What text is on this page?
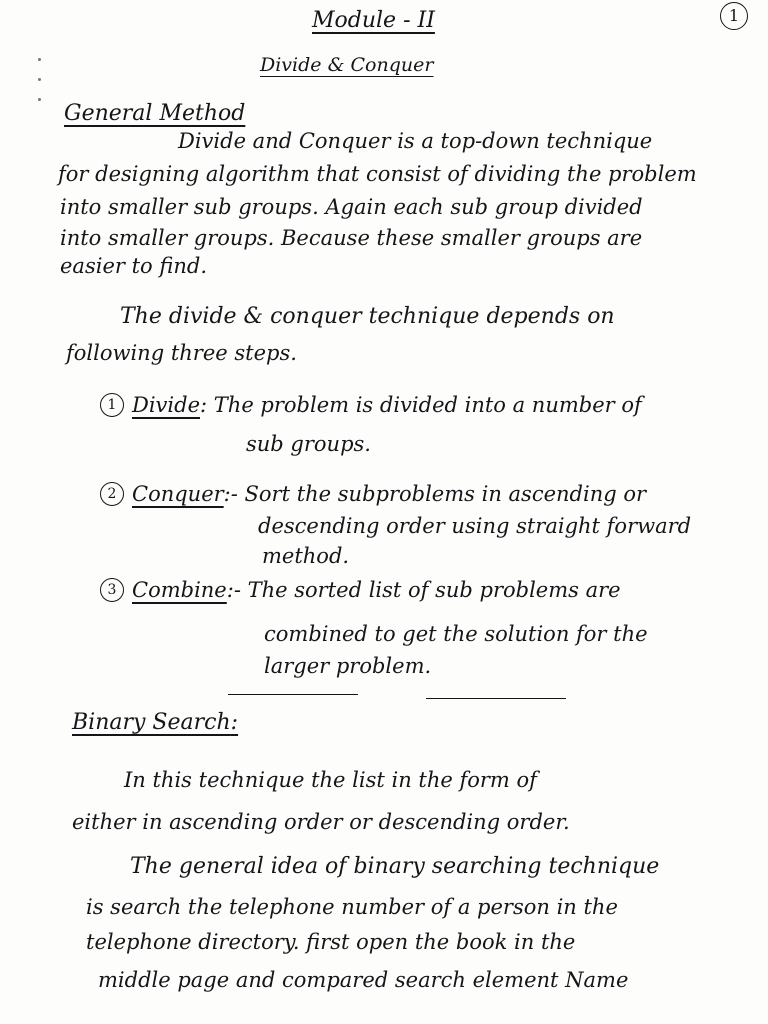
1
Module - II
Divide & Conquer
General Method
Divide and Conquer is a top-down technique
for designing algorithm that consist of dividing the problem
into smaller sub groups. Again each sub group divided
into smaller groups. Because these smaller groups are
easier to find.
The divide & conquer technique depends on
following three steps.
1 Divide: The problem is divided into a number of
sub groups.
2 Conquer:- Sort the subproblems in ascending or
descending order using straight forward
method.
3 Combine:- The sorted list of sub problems are
combined to get the solution for the
larger problem.
Binary Search:
In this technique the list in the form of
either in ascending order or descending order.
The general idea of binary searching technique
is search the telephone number of a person in the
telephone directory. first open the book in the
middle page and compared search element Name
